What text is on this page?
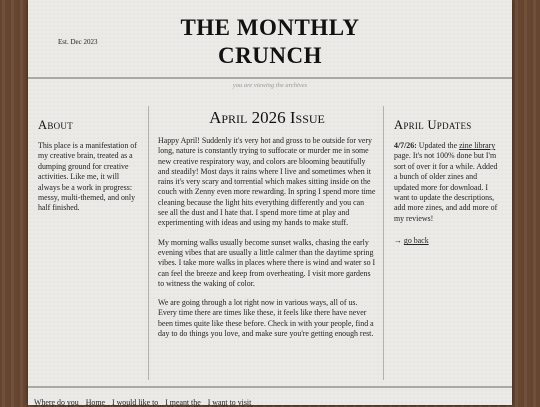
Est. Dec 2023
THE MONTHLY
CRUNCH
you are viewing the archives
About

This place is a manifestation of my creative brain, treated as a dumping ground for creative activities. Like me, it will always be a work in progress: messy, multi-themed, and only half finished.

April 2026 Issue

Happy April! Suddenly it's very hot and gross to be outside for very long, nature is constantly trying to suffocate or murder me in some new creative respiratory way, and colors are blooming beautifully and steadily! Most days it rains where I live and sometimes when it rains it's very scary and torrential which makes sitting inside on the couch with Zenny even more rewarding. In spring I spend more time cleaning because the light hits everything differently and you can see all the dust and I hate that. I spend more time at play and experimenting with ideas and using my hands to make stuff.

My morning walks usually become sunset walks, chasing the early evening vibes that are usually a little calmer than the daytime spring vibes. I take more walks in places where there is wind and water so I can feel the breeze and keep from overheating. I visit more gardens to witness the waking of color.

We are going through a lot right now in various ways, all of us. Every time there are times like these, it feels like there have never been times quite like these before. Check in with your people, find a day to do things you love, and make sure you're getting enough rest.

April Updates

4/7/26: Updated the zine library page. It's not 100% done but I'm sort of over it for a while. Added a bunch of older zines and updated more for download. I want to update the descriptions, add more zines, and add more of my reviews!

→ go back
Where do you Home I would like to I meant the I want to visit
